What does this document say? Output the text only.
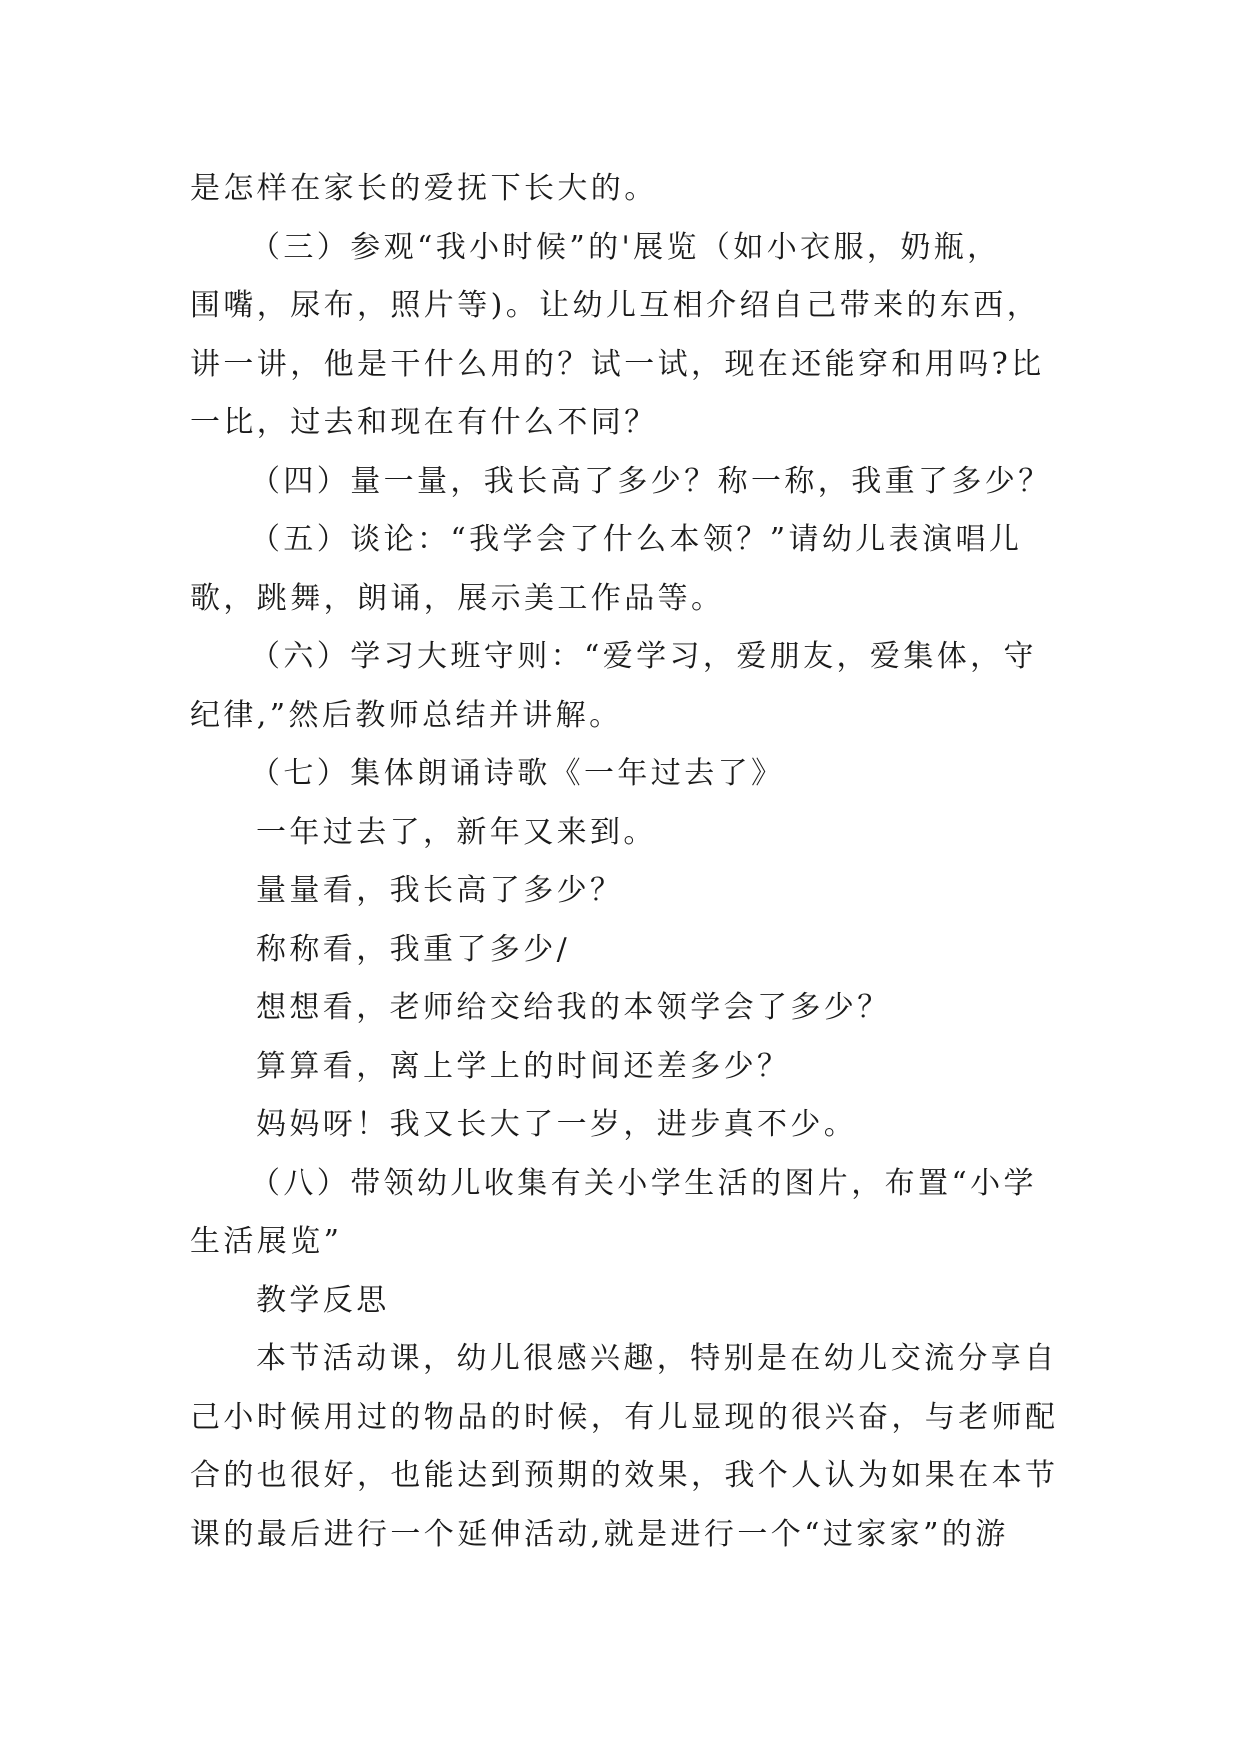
是怎样在家长的爱抚下长大的。
（三）参观“我小时候”的'展览（如小衣服，奶瓶，
围嘴，尿布，照片等)。让幼儿互相介绍自己带来的东西，
讲一讲，他是干什么用的？试一试，现在还能穿和用吗?比
一比，过去和现在有什么不同？
（四）量一量，我长高了多少？称一称，我重了多少？
（五）谈论：“我学会了什么本领？”请幼儿表演唱儿
歌，跳舞，朗诵，展示美工作品等。
（六）学习大班守则：“爱学习，爱朋友，爱集体，守
纪律,”然后教师总结并讲解。
（七）集体朗诵诗歌《一年过去了》
一年过去了，新年又来到。
量量看，我长高了多少？
称称看，我重了多少/
想想看，老师给交给我的本领学会了多少？
算算看，离上学上的时间还差多少？
妈妈呀！我又长大了一岁，进步真不少。
（八）带领幼儿收集有关小学生活的图片，布置“小学
生活展览”
教学反思
本节活动课，幼儿很感兴趣，特别是在幼儿交流分享自
己小时候用过的物品的时候，有儿显现的很兴奋，与老师配
合的也很好，也能达到预期的效果，我个人认为如果在本节
课的最后进行一个延伸活动,就是进行一个“过家家”的游
